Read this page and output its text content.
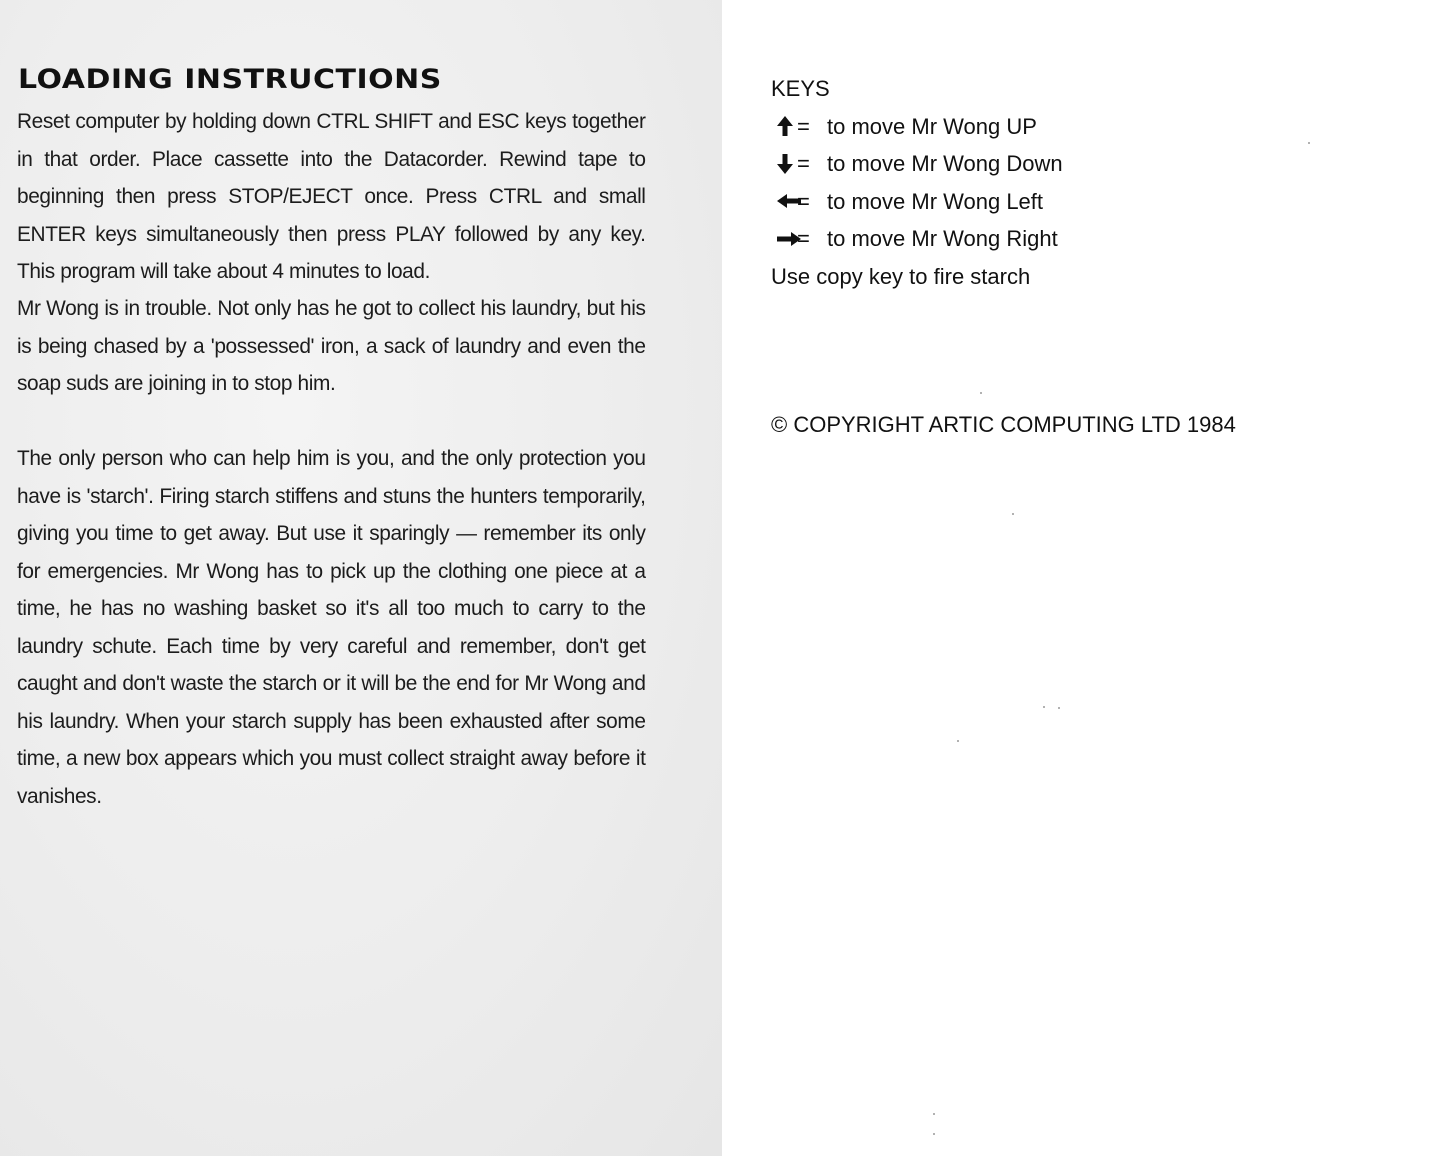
LOADING INSTRUCTIONS

Reset computer by holding down CTRL SHIFT and ESC keys together in that order. Place cassette into the Datacorder. Rewind tape to beginning then press STOP/EJECT once. Press CTRL and small ENTER keys simultaneously then press PLAY followed by any key. This program will take about 4 minutes to load.

Mr Wong is in trouble. Not only has he got to collect his laundry, but his is being chased by a 'possessed' iron, a sack of laundry and even the soap suds are joining in to stop him.

The only person who can help him is you, and the only protection you have is 'starch'. Firing starch stiffens and stuns the hunters temporarily, giving you time to get away. But use it sparingly — remember its only for emergencies. Mr Wong has to pick up the clothing one piece at a time, he has no washing basket so it's all too much to carry to the laundry schute. Each time by very careful and remember, don't get caught and don't waste the starch or it will be the end for Mr Wong and his laundry. When your starch supply has been exhausted after some time, a new box appears which you must collect straight away before it vanishes.

KEYS
= to move Mr Wong UP
= to move Mr Wong Down
= to move Mr Wong Left
= to move Mr Wong Right
Use copy key to fire starch
© COPYRIGHT ARTIC COMPUTING LTD 1984
